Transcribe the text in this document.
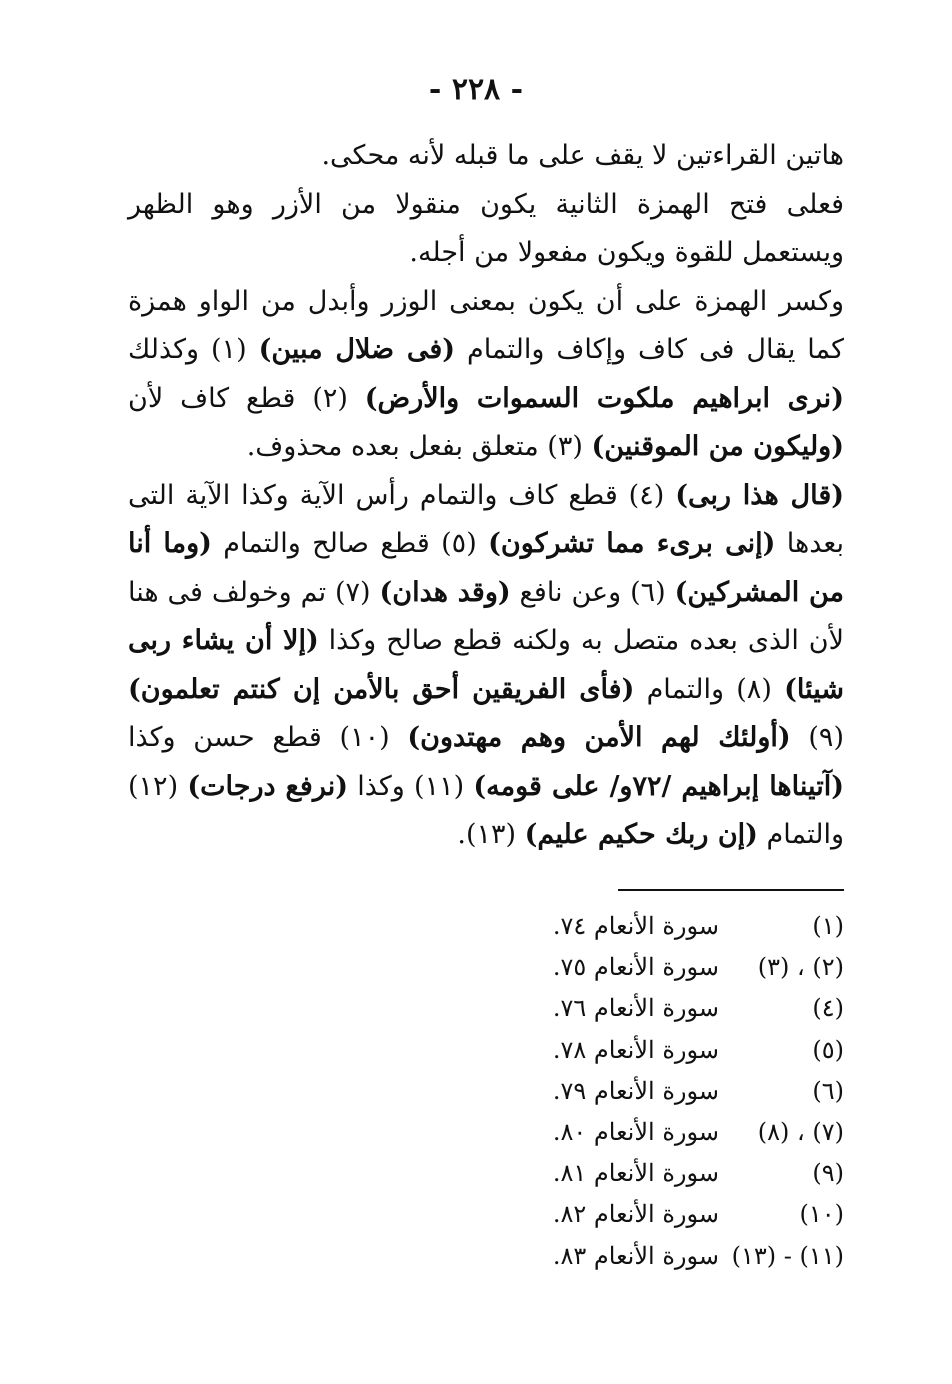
- ٢٢٨ -
هاتين القراءتين لا يقف على ما قبله لأنه محكى.
فعلى فتح الهمزة الثانية يكون منقولا من الأزر وهو الظهر ويستعمل للقوة ويكون مفعولا من أجله.
وكسر الهمزة على أن يكون بمعنى الوزر وأبدل من الواو همزة كما يقال فى كاف وإكاف والتمام (فى ضلال مبين) (١) وكذلك (نرى ابراهيم ملكوت السموات والأرض) (٢) قطع كاف لأن (وليكون من الموقنين) (٣) متعلق بفعل بعده محذوف.
(قال هذا ربى) (٤) قطع كاف والتمام رأس الآية وكذا الآية التى بعدها (إنى برىء مما تشركون) (٥) قطع صالح والتمام (وما أنا من المشركين) (٦) وعن نافع (وقد هدان) (٧) تم وخولف فى هنا لأن الذى بعده متصل به ولكنه قطع صالح وكذا (إلا أن يشاء ربى شيئا) (٨) والتمام (فأى الفريقين أحق بالأمن إن كنتم تعلمون) (٩) (أولئك لهم الأمن وهم مهتدون) (١٠) قطع حسن وكذا (آتيناها إبراهيم /٧٢و/ على قومه) (١١) وكذا (نرفع درجات) (١٢) والتمام (إن ربك حكيم عليم) (١٣).
(١)
سورة الأنعام ٧٤.
(٢) ، (٣)
سورة الأنعام ٧٥.
(٤)
سورة الأنعام ٧٦.
(٥)
سورة الأنعام ٧٨.
(٦)
سورة الأنعام ٧٩.
(٧) ، (٨)
سورة الأنعام ٨٠.
(٩)
سورة الأنعام ٨١.
(١٠)
سورة الأنعام ٨٢.
(١١) - (١٣)
سورة الأنعام ٨٣.
